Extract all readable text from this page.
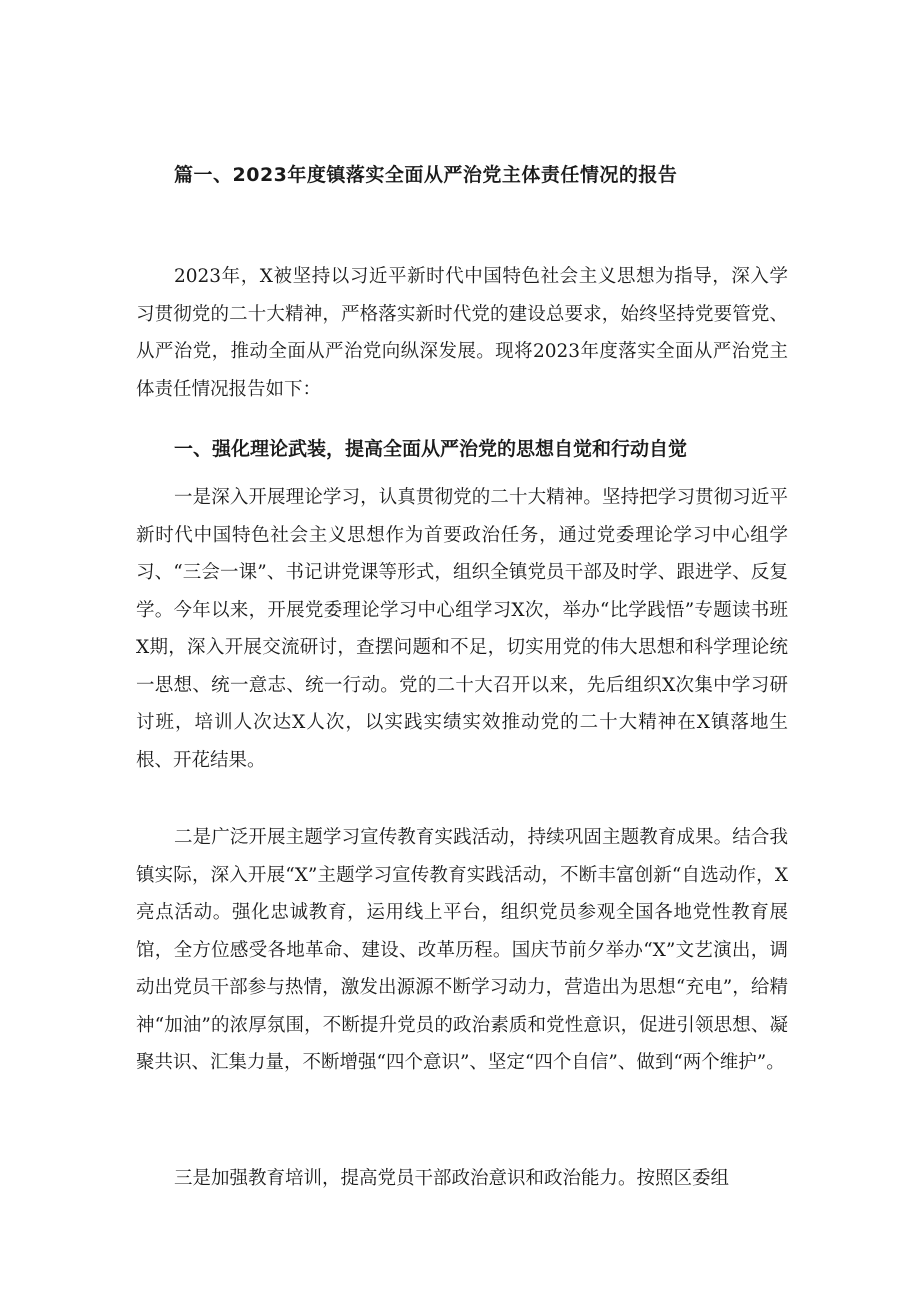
篇一、2023年度镇落实全面从严治党主体责任情况的报告

2023年，X被坚持以习近平新时代中国特色社会主义思想为指导，深入学习贯彻党的二十大精神，严格落实新时代党的建设总要求，始终坚持党要管党、从严治党，推动全面从严治党向纵深发展。现将2023年度落实全面从严治党主体责任情况报告如下：

一、强化理论武装，提高全面从严治党的思想自觉和行动自觉

一是深入开展理论学习，认真贯彻党的二十大精神。坚持把学习贯彻习近平新时代中国特色社会主义思想作为首要政治任务，通过党委理论学习中心组学习、“三会一课”、书记讲党课等形式，组织全镇党员干部及时学、跟进学、反复学。今年以来，开展党委理论学习中心组学习X次，举办“比学践悟”专题读书班X期，深入开展交流研讨，查摆问题和不足，切实用党的伟大思想和科学理论统一思想、统一意志、统一行动。党的二十大召开以来，先后组织X次集中学习研讨班，培训人次达X人次，以实践实绩实效推动党的二十大精神在X镇落地生根、开花结果。

二是广泛开展主题学习宣传教育实践活动，持续巩固主题教育成果。结合我镇实际，深入开展“X”主题学习宣传教育实践活动，不断丰富创新“自选动作，X亮点活动。强化忠诚教育，运用线上平台，组织党员参观全国各地党性教育展馆，全方位感受各地革命、建设、改革历程。国庆节前夕举办“X”文艺演出，调动出党员干部参与热情，激发出源源不断学习动力，营造出为思想“充电”，给精神“加油”的浓厚氛围，不断提升党员的政治素质和党性意识，促进引领思想、凝聚共识、汇集力量，不断增强“四个意识”、坚定“四个自信”、做到“两个维护”。

三是加强教育培训，提高党员干部政治意识和政治能力。按照区委组
